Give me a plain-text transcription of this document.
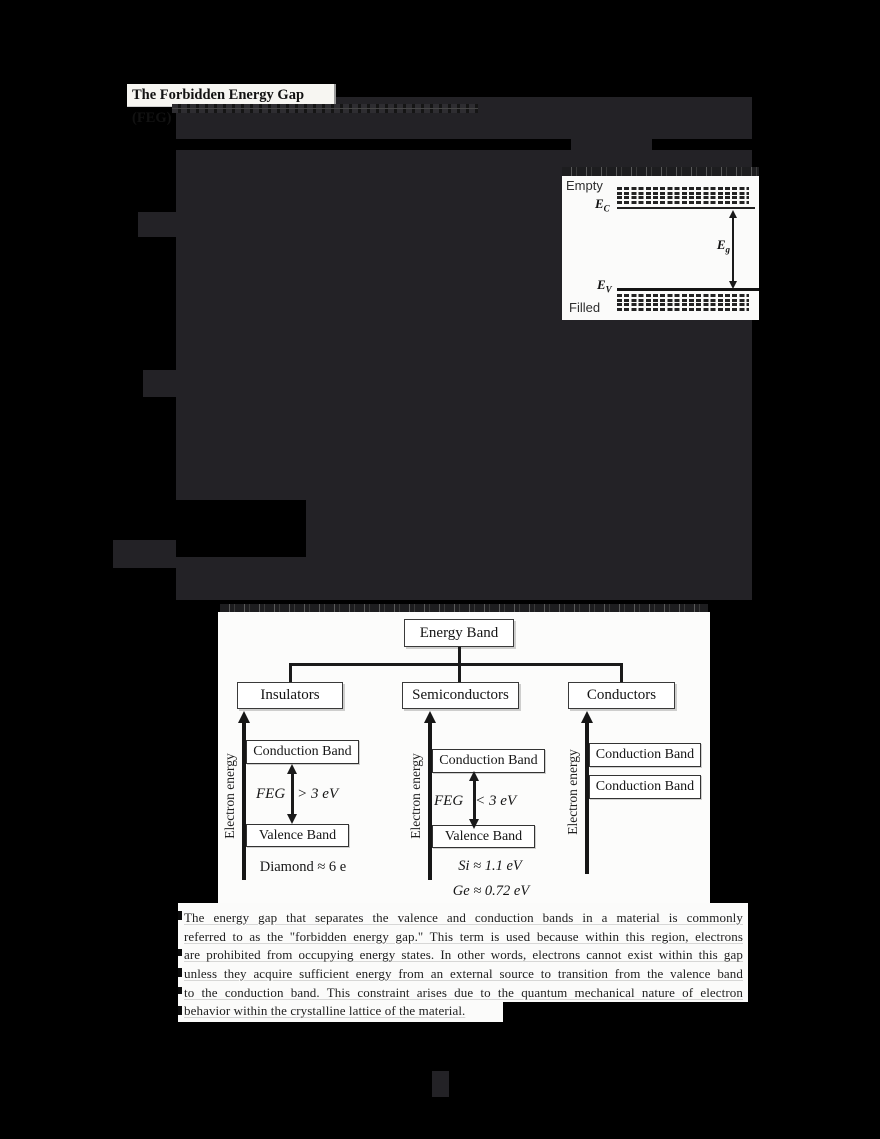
The Forbidden Energy Gap (FEG)
Empty
$E_C$
$E_g$
$E_V$
Filled
Energy Band
Insulators	Semiconductors	Conductors
Electron energy
Conduction Band
FEG > 3 eV
Valence Band
Diamond ≈ 6 e
Electron energy Conduction Band
FEG < 3 eV
Valence Band
Si ≈ 1.1 eV
Ge ≈ 0.72 eV
Electron energy Conduction Band
Conduction Band
The energy gap that separates the valence and conduction bands in a material is commonly
referred to as the "forbidden energy gap." This term is used because within this region, electrons
are prohibited from occupying energy states. In other words, electrons cannot exist within this gap
unless they acquire sufficient energy from an external source to transition from the valence band
to the conduction band. This constraint arises due to the quantum mechanical nature of electron
behavior within the crystalline lattice of the material.
